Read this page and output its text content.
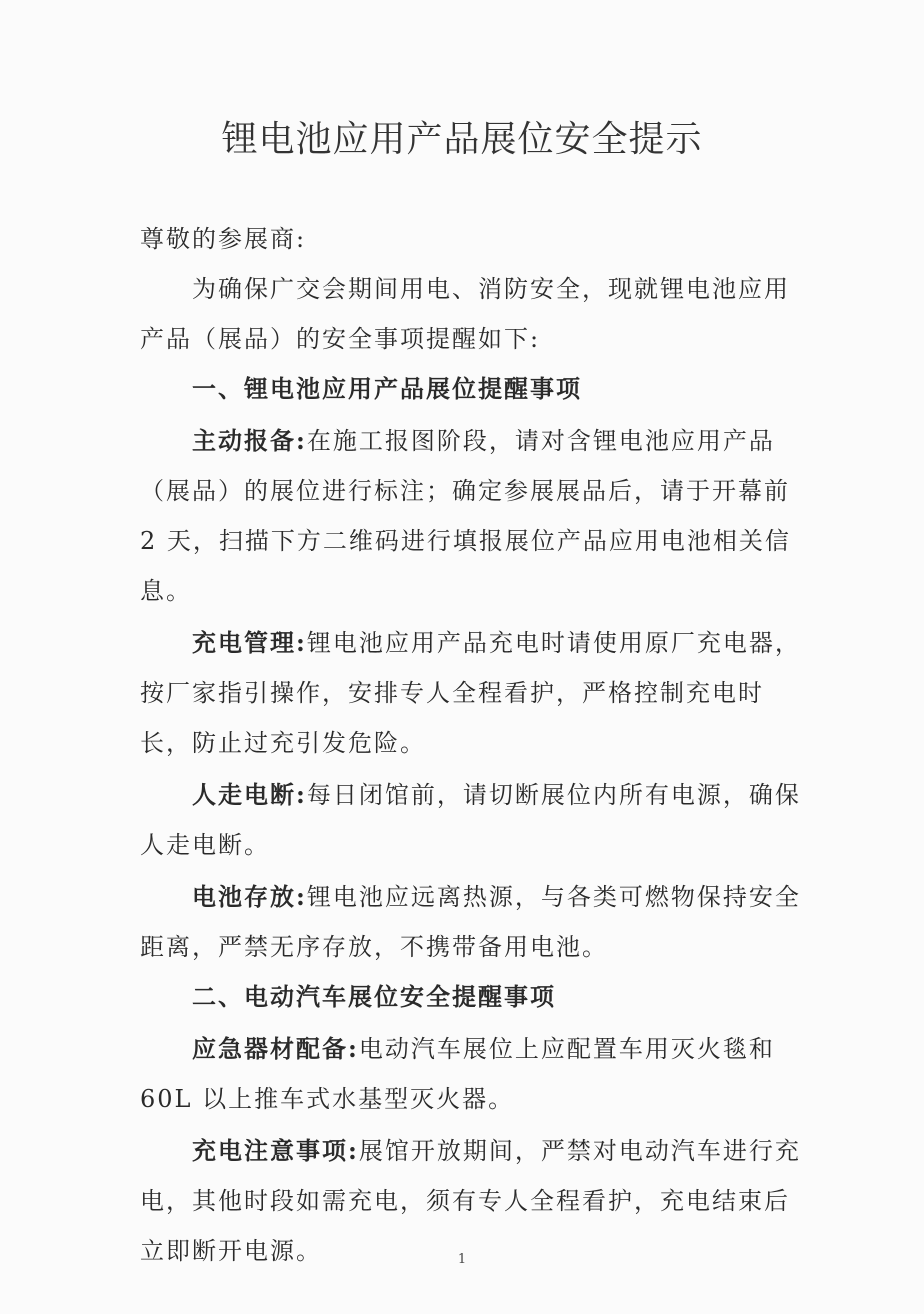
锂电池应用产品展位安全提示

尊敬的参展商:

为确保广交会期间用电、消防安全，现就锂电池应用产品（展品）的安全事项提醒如下:

一、锂电池应用产品展位提醒事项

主动报备:在施工报图阶段，请对含锂电池应用产品（展品）的展位进行标注；确定参展展品后，请于开幕前 2 天，扫描下方二维码进行填报展位产品应用电池相关信息。

充电管理:锂电池应用产品充电时请使用原厂充电器，按厂家指引操作，安排专人全程看护，严格控制充电时长，防止过充引发危险。

人走电断:每日闭馆前，请切断展位内所有电源，确保人走电断。

电池存放:锂电池应远离热源，与各类可燃物保持安全距离，严禁无序存放，不携带备用电池。

二、电动汽车展位安全提醒事项

应急器材配备:电动汽车展位上应配置车用灭火毯和60L 以上推车式水基型灭火器。

充电注意事项:展馆开放期间，严禁对电动汽车进行充电，其他时段如需充电，须有专人全程看护，充电结束后立即断开电源。	1
